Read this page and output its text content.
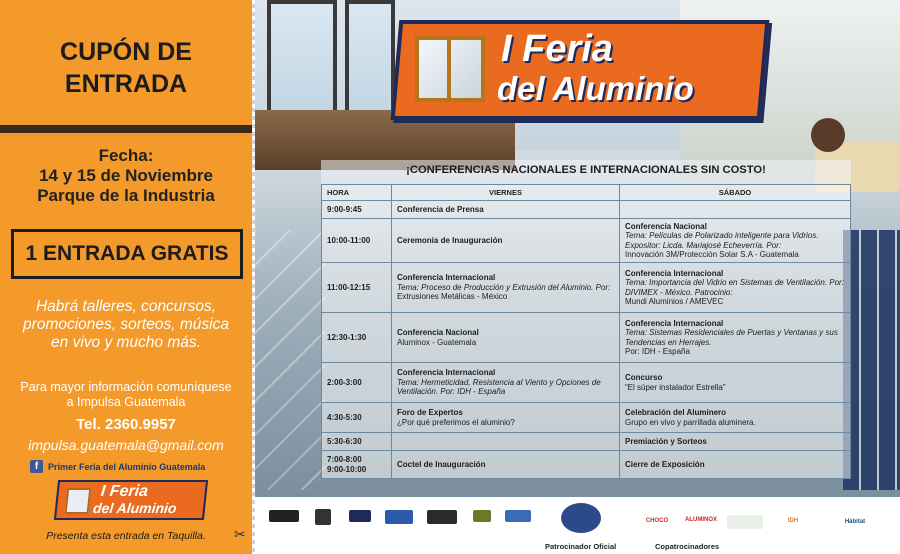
CUPÓN DE
ENTRADA
Fecha:
14 y 15 de Noviembre
Parque de la Industria
1 ENTRADA GRATIS
Habrá talleres, concursos,
promociones, sorteos, música
en vivo y mucho más.
Para mayor información comuníquese
a Impulsa Guatemala
Tel. 2360.9957
impulsa.guatemala@gmail.com
f	Primer Feria del Aluminio Guatemala
I Feria
del Aluminio
Presenta esta entrada en Taquilla.	✂
I Feria
del Aluminio
¡CONFERENCIAS NACIONALES E INTERNACIONALES SIN COSTO!
HORA	VIERNES	SÁBADO
9:00-9:45	Conferencia de Prensa	

10:00-11:00	Ceremonia de Inauguración	Conferencia Nacional
Tema: Películas de Polarizado inteligente para Vidrios. Expositor: Licda. Mariajosé Echeverría. Por:
Innovación 3M/Protección Solar S.A - Guatemala

11:00-12:15	Conferencia Internacional
Tema: Proceso de Producción y Extrusión del Aluminio. Por:
Extrusiones Metálicas - México	Conferencia Internacional
Tema: Importancia del Vidrio en Sistemas de Ventilación. Por: DIVIMEX - México. Patrocinio:
Mundi Aluminios / AMEVEC

12:30-1:30	Conferencia Nacional
Aluminox - Guatemala	Conferencia Internacional
Tema: Sistemas Residenciales de Puertas y Ventanas y sus Tendencias en Herrajes.
Por: IDH - España

2:00-3:00	Conferencia Internacional
Tema: Hermeticidad, Resistencia al Viento y Opciones de Ventilación. Por: IDH - España	Concurso
“El súper instalador Estrella”

4:30-5:30	Foro de Expertos
¿Por qué preferimos el aluminio?	Celebración del Aluminero
Grupo en vivo y parrillada aluminera.

5:30-6:30		Premiación y Sorteos

7:00-8:00
9:00-10:00	Coctel de Inauguración	Cierre de Exposición
CHOCO	ALUMINOX	IDH	Hábitat
Patrocinador Oficial	Copatrocinadores
